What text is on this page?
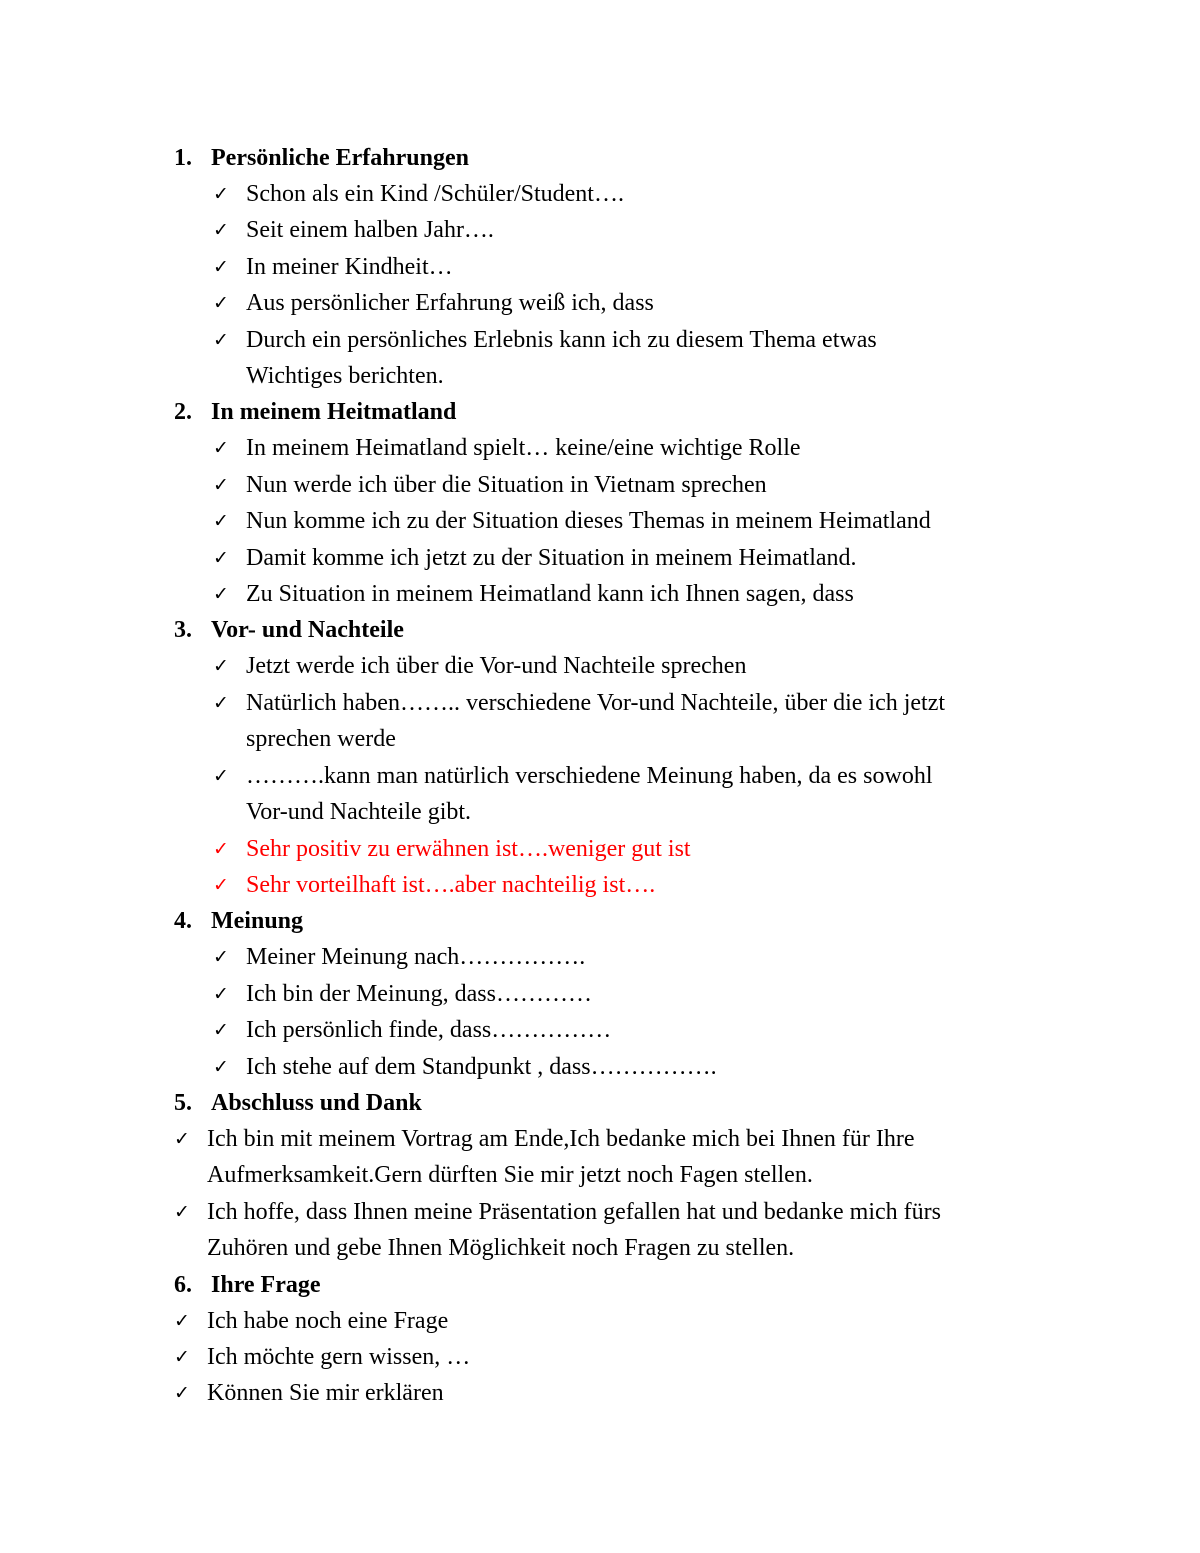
1. Persönliche Erfahrungen
✓ Schon als ein Kind /Schüler/Student….
✓ Seit einem halben Jahr….
✓ In meiner Kindheit…
✓ Aus persönlicher Erfahrung weiß ich, dass
✓ Durch ein persönliches Erlebnis kann ich zu diesem Thema etwas
Wichtiges berichten.
2. In meinem Heitmatland
✓ In meinem Heimatland spielt… keine/eine wichtige Rolle
✓ Nun werde ich über die Situation in Vietnam sprechen
✓ Nun komme ich zu der Situation dieses Themas in meinem Heimatland
✓ Damit komme ich jetzt zu der Situation in meinem Heimatland.
✓ Zu Situation in meinem Heimatland kann ich Ihnen sagen, dass
3. Vor- und Nachteile
✓ Jetzt werde ich über die Vor-und Nachteile sprechen
✓ Natürlich haben…….. verschiedene Vor-und Nachteile, über die ich jetzt
sprechen werde
✓ ……….kann man natürlich verschiedene Meinung haben, da es sowohl
Vor-und Nachteile gibt.
✓ Sehr positiv zu erwähnen ist….weniger gut ist
✓ Sehr vorteilhaft ist….aber nachteilig ist….
4. Meinung
✓ Meiner Meinung nach…………….
✓ Ich bin der Meinung, dass…………
✓ Ich persönlich finde, dass……………
✓ Ich stehe auf dem Standpunkt , dass…………….
5. Abschluss und Dank
✓ Ich bin mit meinem Vortrag am Ende,Ich bedanke mich bei Ihnen für Ihre
Aufmerksamkeit.Gern dürften Sie mir jetzt noch Fagen stellen.
✓ Ich hoffe, dass Ihnen meine Präsentation gefallen hat und bedanke mich fürs
Zuhören und gebe Ihnen Möglichkeit noch Fragen zu stellen.
6. Ihre Frage
✓ Ich habe noch eine Frage
✓ Ich möchte gern wissen, …
✓ Können Sie mir erklären
